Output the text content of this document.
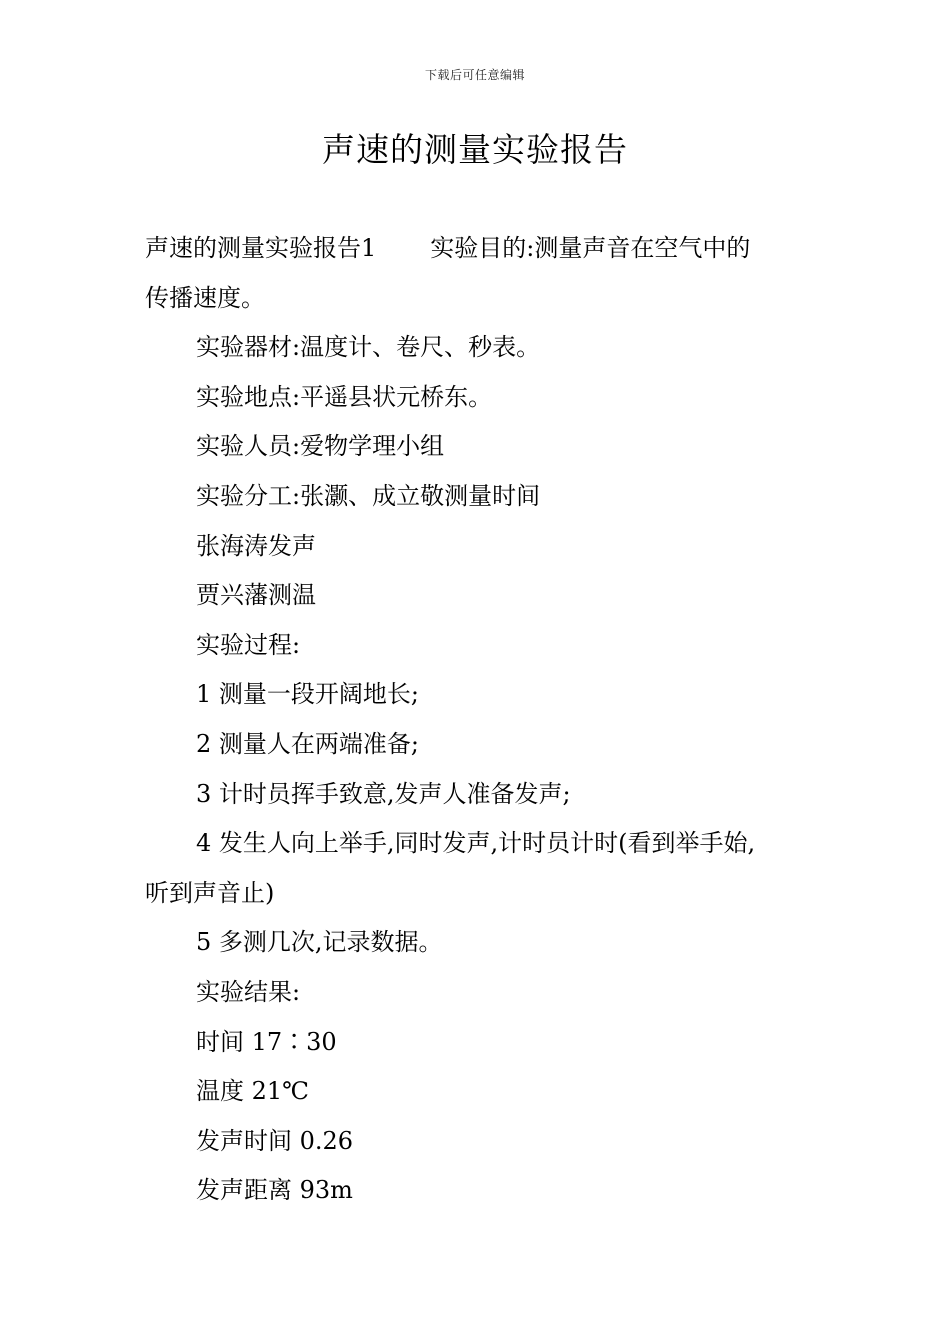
下载后可任意编辑
声速的测量实验报告
声速的测量实验报告1 实验目的:测量声音在空气中的
传播速度。
实验器材:温度计、卷尺、秒表。
实验地点:平遥县状元桥东。
实验人员:爱物学理小组
实验分工:张灏、成立敬测量时间
张海涛发声
贾兴藩测温
实验过程:
1 测量一段开阔地长;
2 测量人在两端准备;
3 计时员挥手致意,发声人准备发声;
4 发生人向上举手,同时发声,计时员计时(看到举手始,
听到声音止)
5 多测几次,记录数据。
实验结果:
时间 17∶30
温度 21℃
发声时间 0.26
发声距离 93m
